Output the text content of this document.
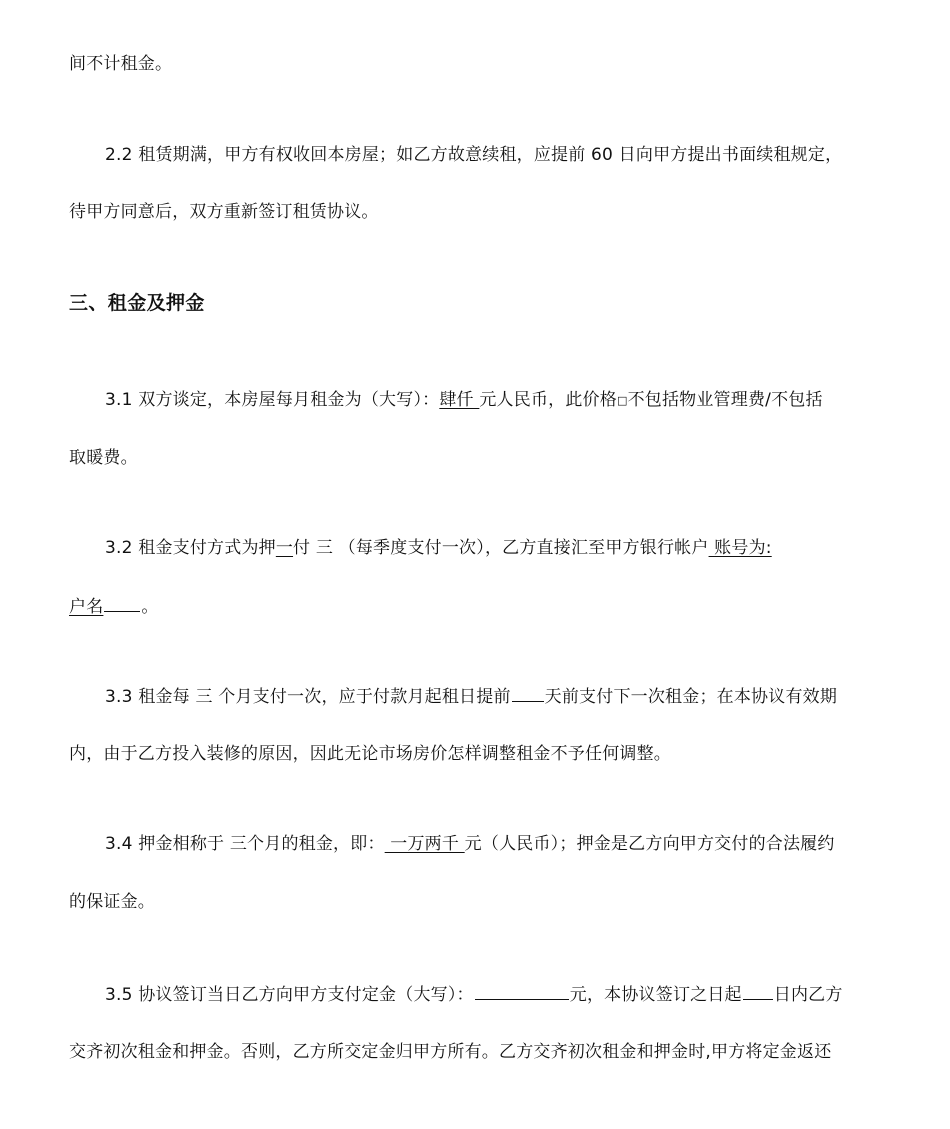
间不计租金。
2.2 租赁期满，甲方有权收回本房屋；如乙方故意续租，应提前 60 日向甲方提出书面续租规定，
待甲方同意后，双方重新签订租赁协议。
三、租金及押金
3.1 双方谈定，本房屋每月租金为（大写）：肆仟 元人民币，此价格□不包括物业管理费/不包括
取暖费。
3.2 租金支付方式为押一付 三 （每季度支付一次），乙方直接汇至甲方银行帐户 账号为:
户名 。
3.3 租金每 三 个月支付一次，应于付款月起租日提前 天前支付下一次租金；在本协议有效期
内，由于乙方投入装修的原因，因此无论市场房价怎样调整租金不予任何调整。
3.4 押金相称于 三个月的租金，即： 一万两千 元（人民币）；押金是乙方向甲方交付的合法履约
的保证金。
3.5 协议签订当日乙方向甲方支付定金（大写）：	元，本协议签订之日起 日内乙方
交齐初次租金和押金。否则，乙方所交定金归甲方所有。乙方交齐初次租金和押金时,甲方将定金返还
